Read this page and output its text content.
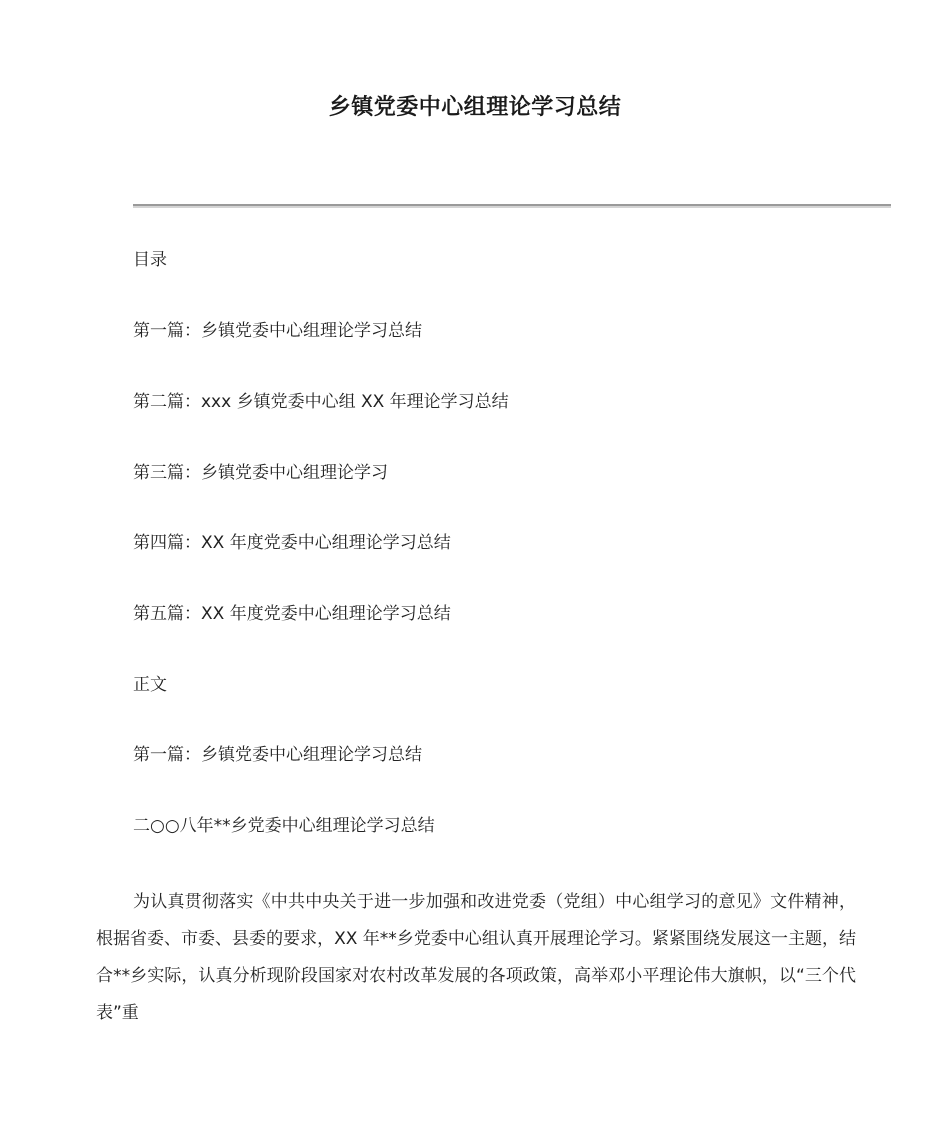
乡镇党委中心组理论学习总结
目录
第一篇：乡镇党委中心组理论学习总结
第二篇：xxx 乡镇党委中心组 XX 年理论学习总结
第三篇：乡镇党委中心组理论学习
第四篇：XX 年度党委中心组理论学习总结
第五篇：XX 年度党委中心组理论学习总结
正文
第一篇：乡镇党委中心组理论学习总结
二○○八年**乡党委中心组理论学习总结
为认真贯彻落实《中共中央关于进一步加强和改进党委（党组）中心组学习的意见》文件精神，根据省委、市委、县委的要求，XX 年**乡党委中心组认真开展理论学习。紧紧围绕发展这一主题，结合**乡实际，认真分析现阶段国家对农村改革发展的各项政策，高举邓小平理论伟大旗帜，以“三个代表”重
